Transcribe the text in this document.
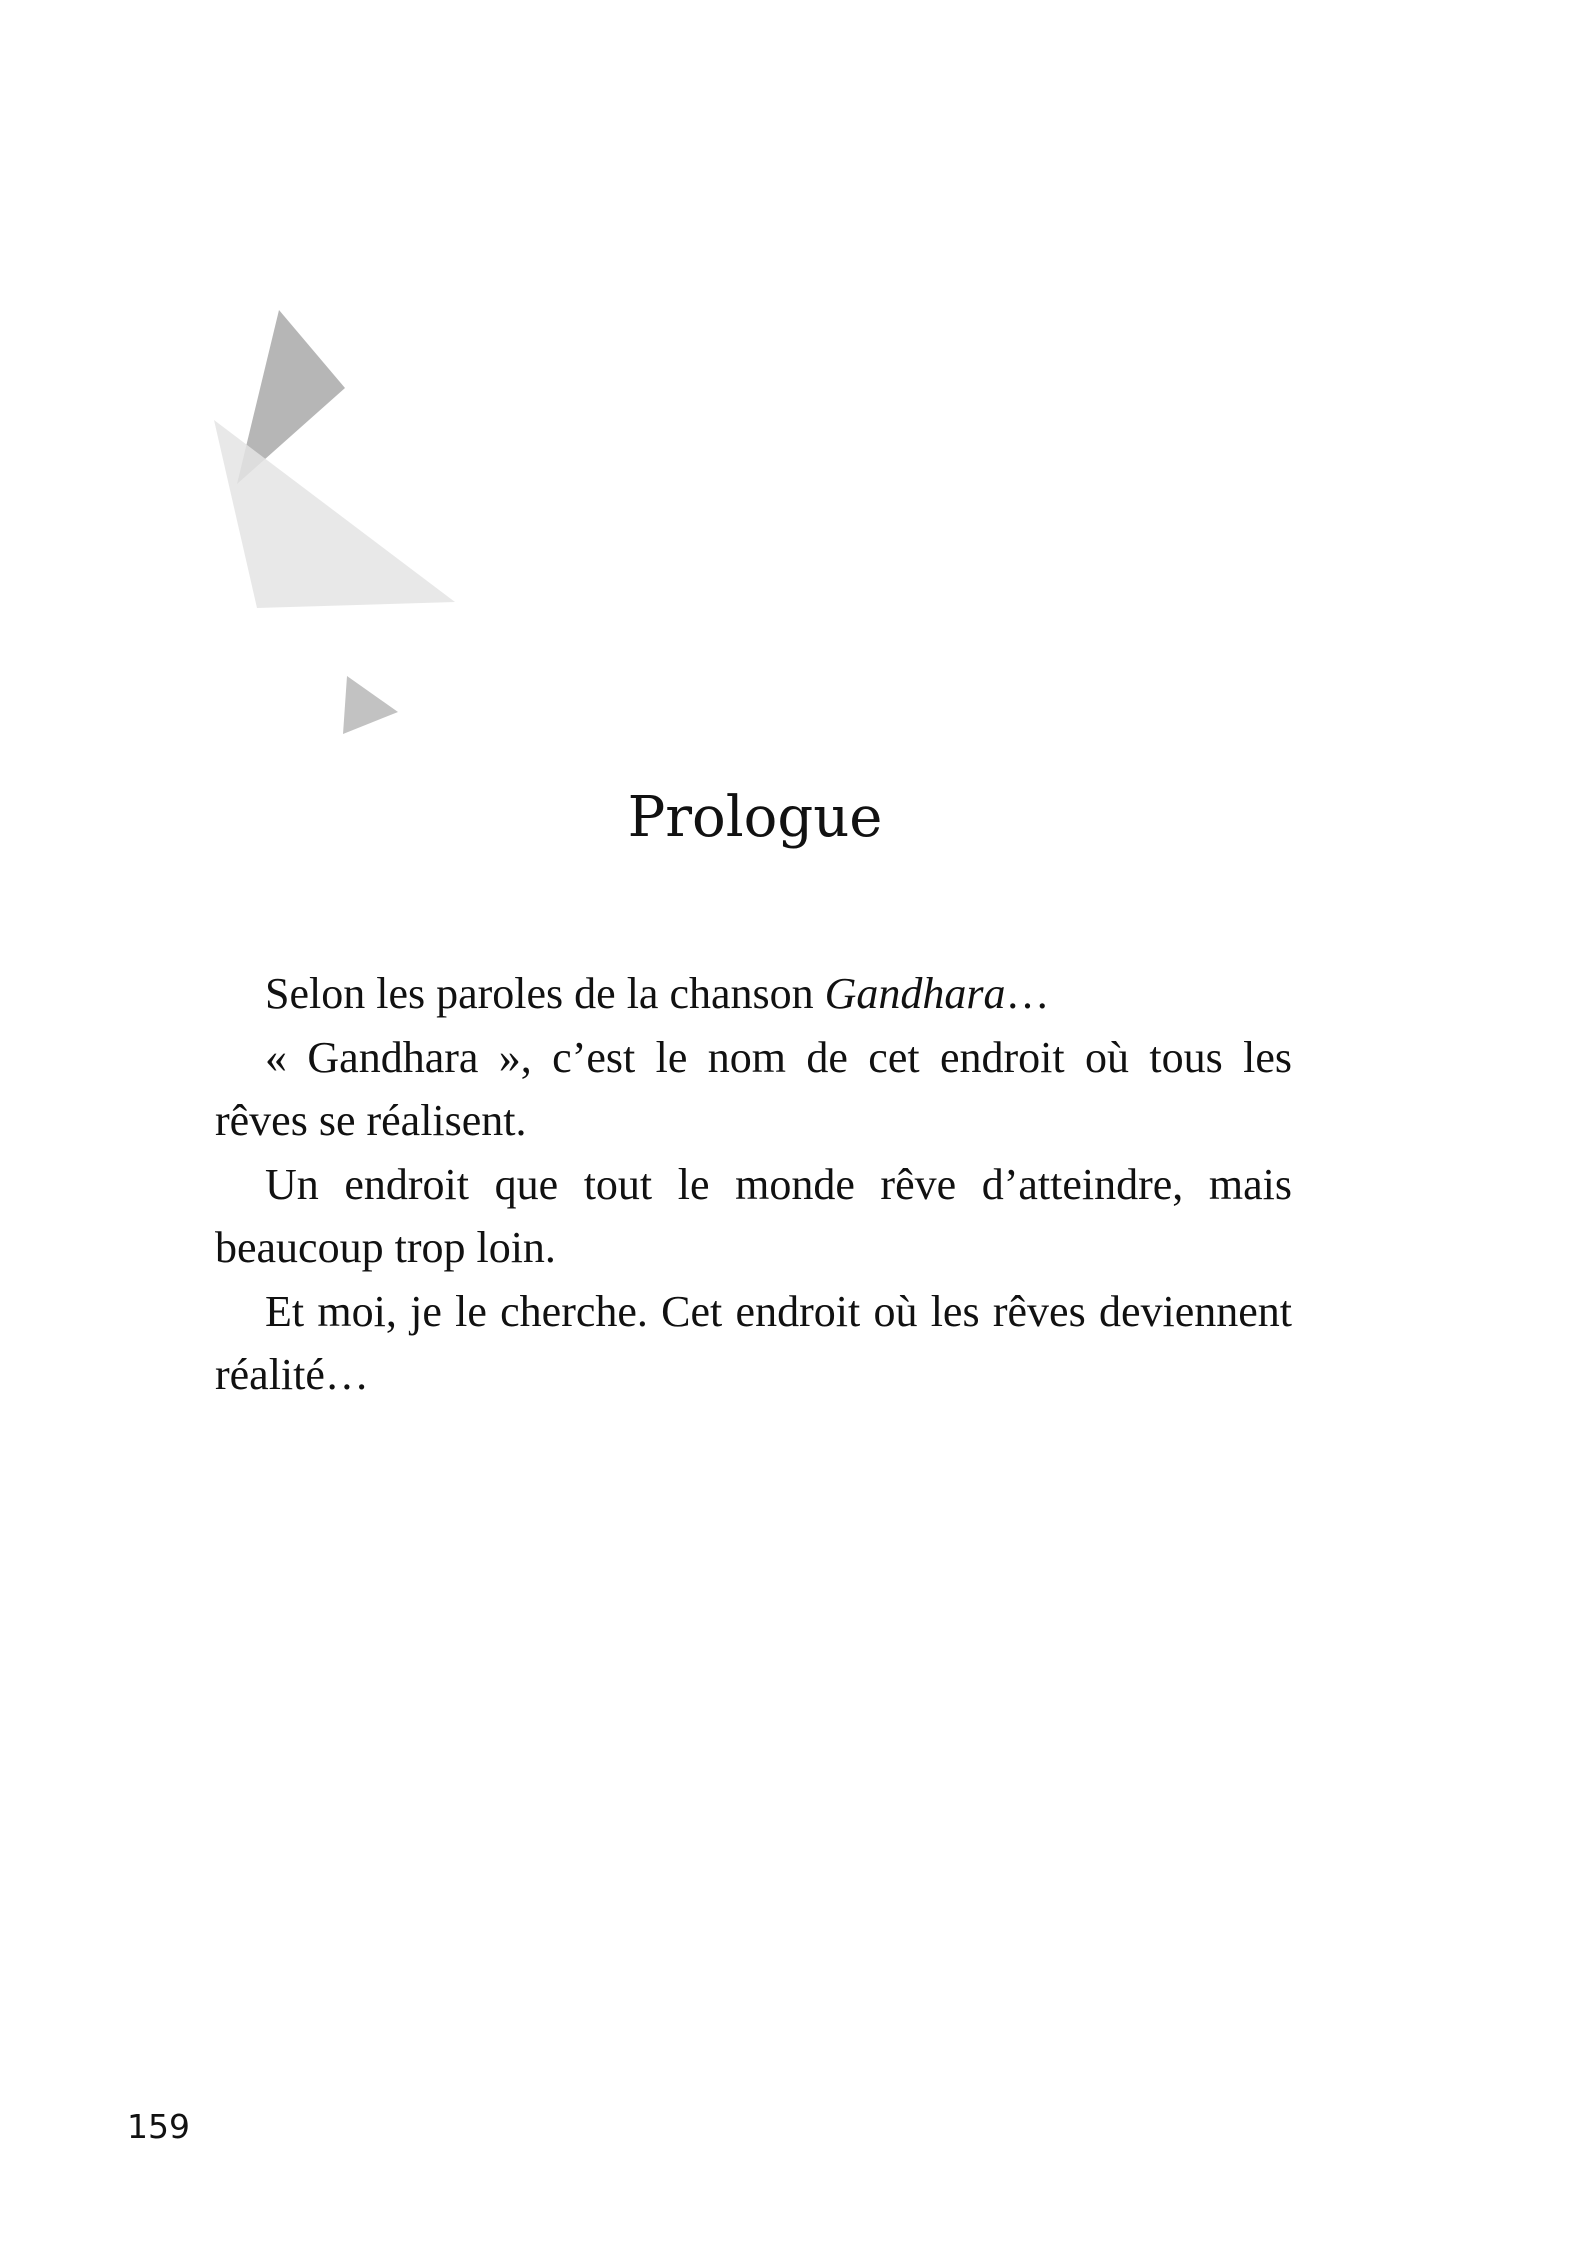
Prologue

Selon les paroles de la chanson Gandhara…

« Gandhara », c’est le nom de cet endroit où tous les rêves se réalisent.

Un endroit que tout le monde rêve d’atteindre, mais beaucoup trop loin.

Et moi, je le cherche. Cet endroit où les rêves deviennent réalité…

159
